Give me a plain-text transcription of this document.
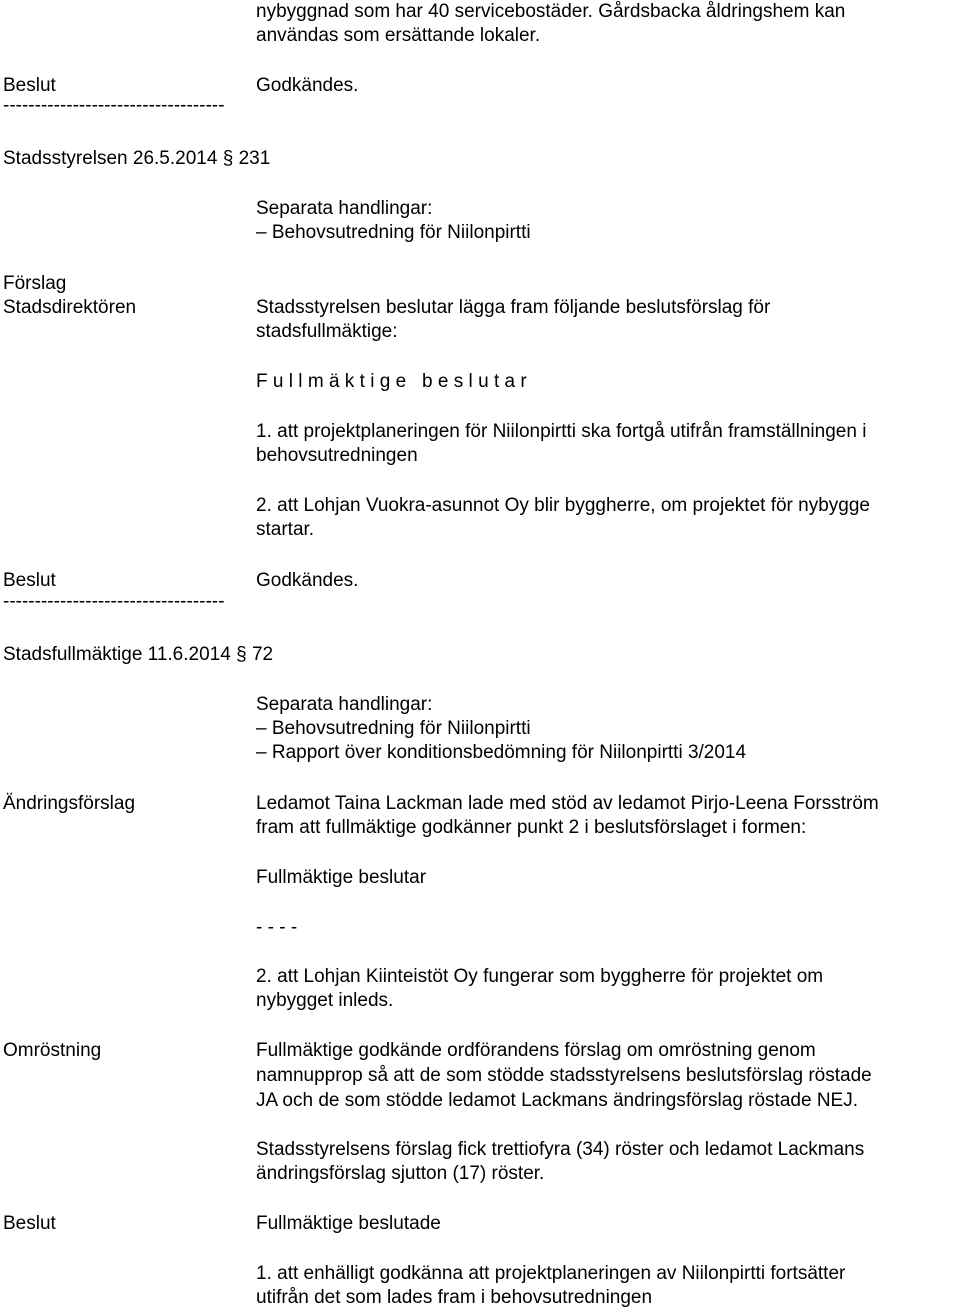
nybyggnad som har 40 servicebostäder. Gårdsbacka åldringshem kan
användas som ersättande lokaler.
Beslut	Godkändes.
-----------------------------------
Stadsstyrelsen 26.5.2014 § 231
Separata handlingar:
– Behovsutredning för Niilonpirtti
Förslag
Stadsdirektören	Stadsstyrelsen beslutar lägga fram följande beslutsförslag för
stadsfullmäktige:
Fullmäktige beslutar
1. att projektplaneringen för Niilonpirtti ska fortgå utifrån framställningen i
behovsutredningen
2. att Lohjan Vuokra-asunnot Oy blir byggherre, om projektet för nybygge
startar.
Beslut	Godkändes.
-----------------------------------
Stadsfullmäktige 11.6.2014 § 72
Separata handlingar:
– Behovsutredning för Niilonpirtti
– Rapport över konditionsbedömning för Niilonpirtti 3/2014
Ändringsförslag	Ledamot Taina Lackman lade med stöd av ledamot Pirjo-Leena Forsström
fram att fullmäktige godkänner punkt 2 i beslutsförslaget i formen:
Fullmäktige beslutar
- - - -
2. att Lohjan Kiinteistöt Oy fungerar som byggherre för projektet om
nybygget inleds.
Omröstning	Fullmäktige godkände ordförandens förslag om omröstning genom
namnupprop så att de som stödde stadsstyrelsens beslutsförslag röstade
JA och de som stödde ledamot Lackmans ändringsförslag röstade NEJ.
Stadsstyrelsens förslag fick trettiofyra (34) röster och ledamot Lackmans
ändringsförslag sjutton (17) röster.
Beslut	Fullmäktige beslutade
1. att enhälligt godkänna att projektplaneringen av Niilonpirtti fortsätter
utifrån det som lades fram i behovsutredningen
